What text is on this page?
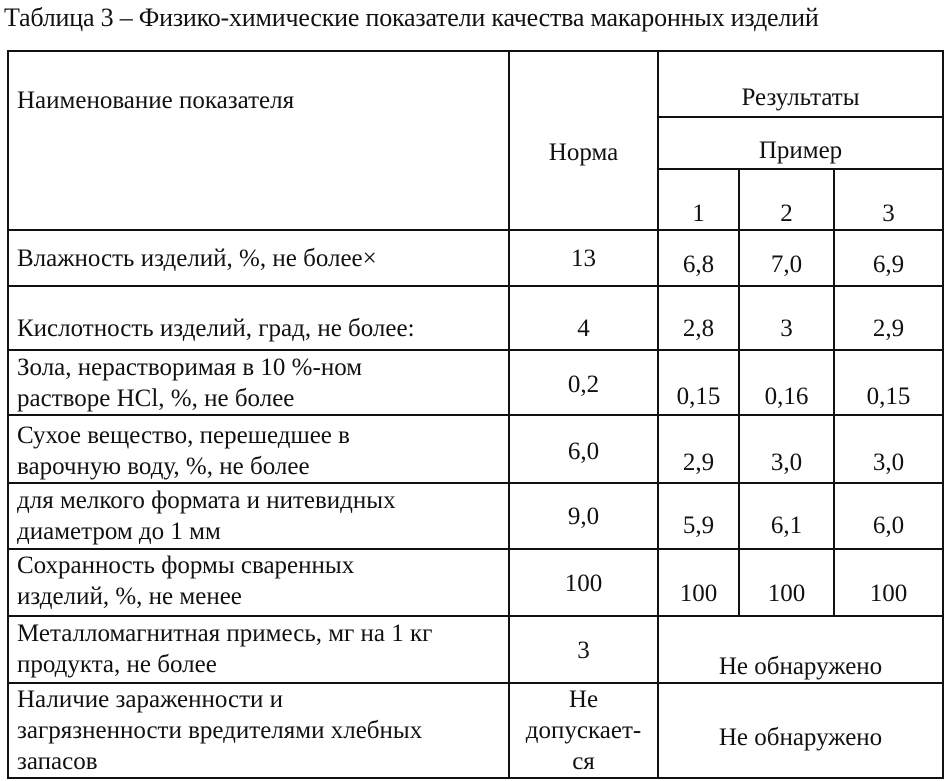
Таблица 3 – Физико-химические показатели качества макаронных изделий
Наименование показателя	Норма	Результаты		
		Пример		
		1	2	3

Влажность изделий, %, не более×	13	6,8	7,0	6,9

Кислотность изделий, град, не более:	4	2,8	3	2,9

Зола, нерастворимая в 10 %-ном
растворе НСl, %, не более	0,2	0,15	0,16	0,15

Сухое вещество, перешедшее в
варочную воду, %, не более	6,0	2,9	3,0	3,0

для мелкого формата и нитевидных
диаметром до 1 мм	9,0	5,9	6,1	6,0

Сохранность формы сваренных
изделий, %, не менее	100	100	100	100

Металломагнитная примесь, мг на 1 кг
продукта, не более	3	Не обнаружено		

Наличие зараженности и
загрязненности вредителями хлебных
запасов	Не
допускает-
ся	Не обнаружено		
